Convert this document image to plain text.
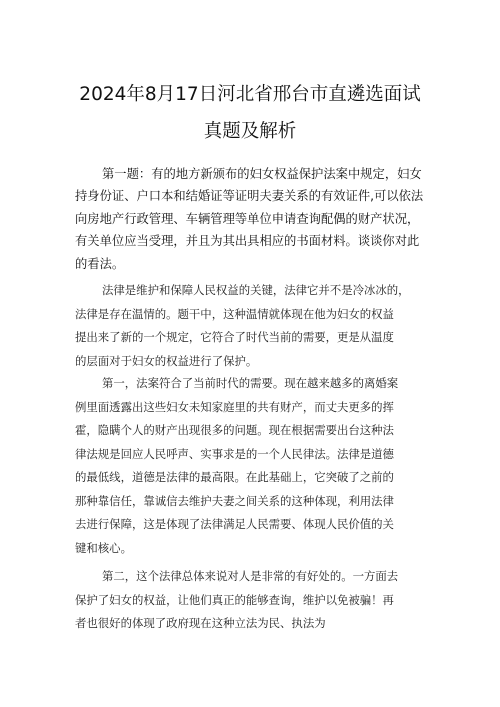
2024年8月17日河北省邢台市直遴选面试
真题及解析
第一题：有的地方新颁布的妇女权益保护法案中规定，妇女
持身份证、户口本和结婚证等证明夫妻关系的有效证件,可以依法
向房地产行政管理、车辆管理等单位申请查询配偶的财产状况，
有关单位应当受理，并且为其出具相应的书面材料。谈谈你对此
的看法。
法律是维护和保障人民权益的关键，法律它并不是冷冰冰的，
法律是存在温情的。题干中，这种温情就体现在他为妇女的权益
提出来了新的一个规定，它符合了时代当前的需要，更是从温度
的层面对于妇女的权益进行了保护。
第一，法案符合了当前时代的需要。现在越来越多的离婚案
例里面透露出这些妇女未知家庭里的共有财产，而丈夫更多的挥
霍，隐瞒个人的财产出现很多的问题。现在根据需要出台这种法
律法规是回应人民呼声、实事求是的一个人民律法。法律是道德
的最低线，道德是法律的最高限。在此基础上，它突破了之前的
那种靠信任，靠诚信去维护夫妻之间关系的这种体现，利用法律
去进行保障，这是体现了法律满足人民需要、体现人民价值的关
键和核心。
第二，这个法律总体来说对人是非常的有好处的。一方面去
保护了妇女的权益，让他们真正的能够查询，维护以免被骗！再
者也很好的体现了政府现在这种立法为民、执法为
